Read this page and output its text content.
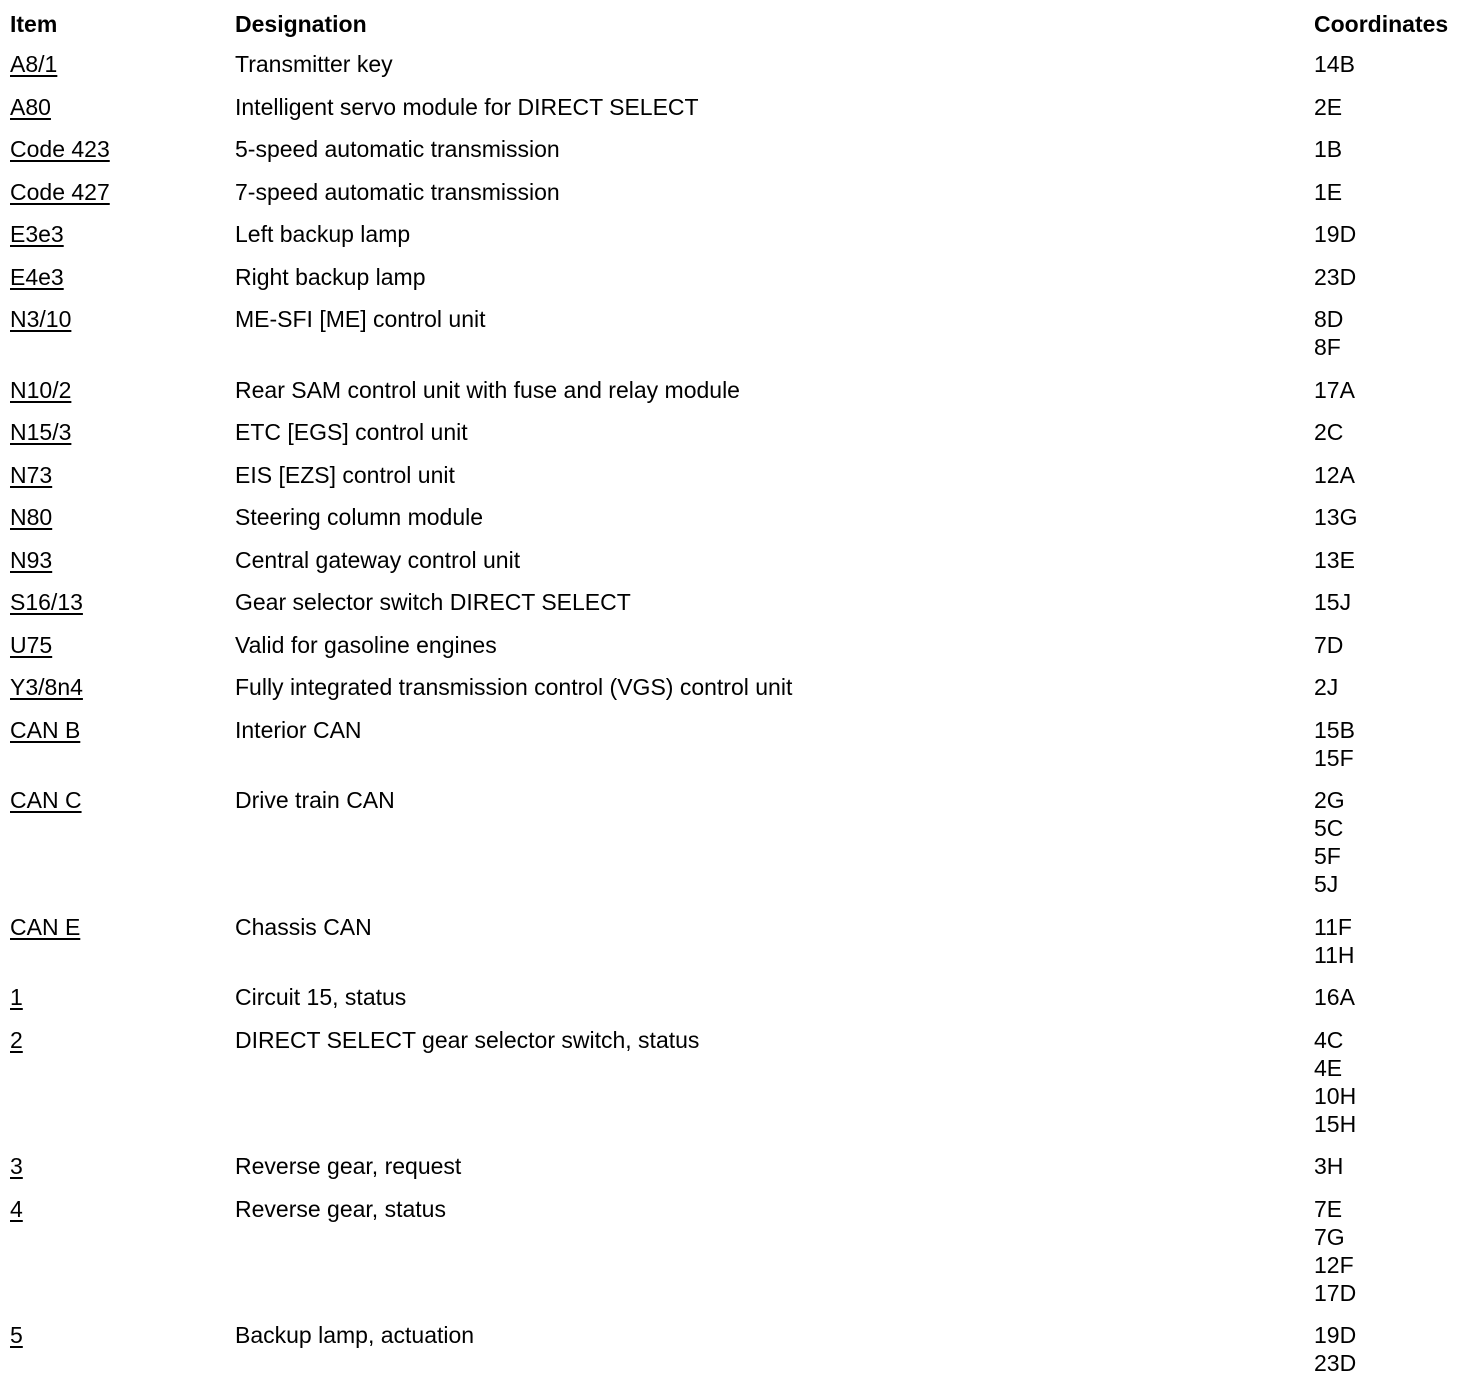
Item	Designation	Coordinates
A8/1	Transmitter key	14B
A80	Intelligent servo module for DIRECT SELECT	2E
Code 423	5-speed automatic transmission	1B
Code 427	7-speed automatic transmission	1E
E3e3	Left backup lamp	19D
E4e3	Right backup lamp	23D
N3/10	ME-SFI [ME] control unit	8D
8F
N10/2	Rear SAM control unit with fuse and relay module	17A
N15/3	ETC [EGS] control unit	2C
N73	EIS [EZS] control unit	12A
N80	Steering column module	13G
N93	Central gateway control unit	13E
S16/13	Gear selector switch DIRECT SELECT	15J
U75	Valid for gasoline engines	7D
Y3/8n4	Fully integrated transmission control (VGS) control unit	2J
CAN B	Interior CAN	15B
15F
CAN C	Drive train CAN	2G
5C
5F
5J
CAN E	Chassis CAN	11F
11H
1	Circuit 15, status	16A
2	DIRECT SELECT gear selector switch, status	4C
4E
10H
15H
3	Reverse gear, request	3H
4	Reverse gear, status	7E
7G
12F
17D
5	Backup lamp, actuation	19D
23D
